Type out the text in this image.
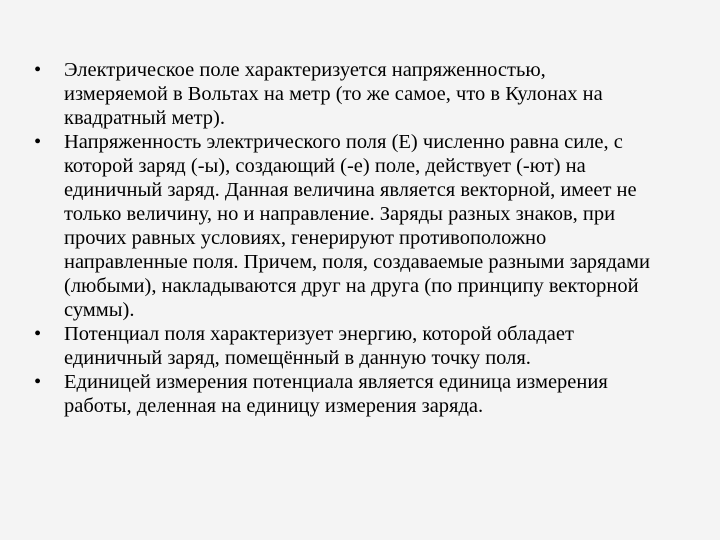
•	Электрическое поле характеризуется напряженностью, измеряемой в Вольтах на метр (то же самое, что в Кулонах на квадратный метр).
•	Напряженность электрического поля (Е) численно равна силе, с которой заряд (-ы), создающий (-е) поле, действует (-ют) на единичный заряд. Данная величина является векторной, имеет не только величину, но и направление. Заряды разных знаков, при прочих равных условиях, генерируют противоположно направленные поля. Причем, поля, создаваемые разными зарядами (любыми), накладываются друг на друга (по принципу векторной суммы).
•	Потенциал поля характеризует энергию, которой обладает единичный заряд, помещённый в данную точку поля.
•	Единицей измерения потенциала является единица измерения работы, деленная на единицу измерения заряда.
